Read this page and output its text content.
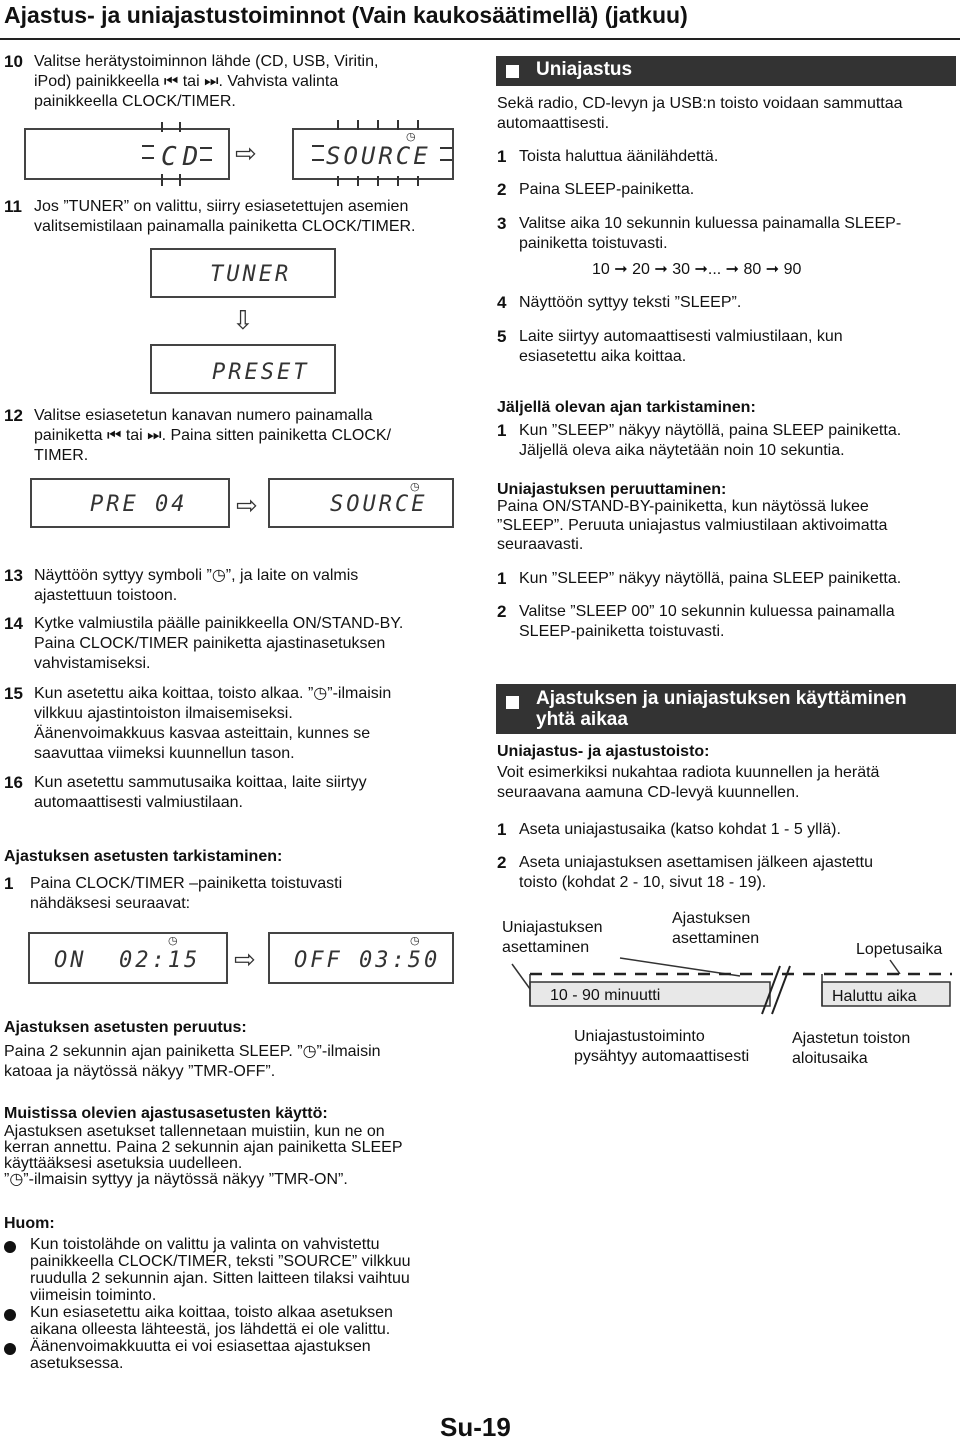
Ajastus- ja uniajastustoiminnot (Vain kaukosäätimellä) (jatkuu)
10 Valitse herätystoiminnon lähde (CD, USB, Viritin,
iPod) painikkeella ⏮ tai ⏭. Vahvista valinta
painikkeella CLOCK/TIMER.
CD ⇨	SOURCE
◷
11 Jos ”TUNER” on valittu, siirry esiasetettujen asemien
valitsemistilaan painamalla painiketta CLOCK/TIMER.
TUNER
⇩
PRESET
12 Valitse esiasetetun kanavan numero painamalla
painiketta ⏮ tai ⏭. Paina sitten painiketta CLOCK/
TIMER.
PRE 04 ⇨	SOURCE
◷
13 Näyttöön syttyy symboli ”◷”, ja laite on valmis
ajastettuun toistoon.
14 Kytke valmiustila päälle painikkeella ON/STAND-BY.
Paina CLOCK/TIMER painiketta ajastinasetuksen
vahvistamiseksi.
15 Kun asetettu aika koittaa, toisto alkaa. ”◷”-ilmaisin
vilkkuu ajastintoiston ilmaisemiseksi.
Äänenvoimakkuus kasvaa asteittain, kunnes se
saavuttaa viimeksi kuunnellun tason.
16 Kun asetettu sammutusaika koittaa, laite siirtyy
automaattisesti valmiustilaan.
Ajastuksen asetusten tarkistaminen:
1 Paina CLOCK/TIMER –painiketta toistuvasti
nähdäksesi seuraavat:
ON  02:15
◷
⇨ OFF 03:50
◷
Ajastuksen asetusten peruutus:
Paina 2 sekunnin ajan painiketta SLEEP. ”◷”-ilmaisin
katoaa ja näytössä näkyy ”TMR-OFF”.
Muistissa olevien ajastusasetusten käyttö:
Ajastuksen asetukset tallennetaan muistiin, kun ne on
kerran annettu. Paina 2 sekunnin ajan painiketta SLEEP
käyttääksesi asetuksia uudelleen.
”◷”-ilmaisin syttyy ja näytössä näkyy ”TMR-ON”.
Huom:
Kun toistolähde on valittu ja valinta on vahvistettu
painikkeella CLOCK/TIMER, teksti ”SOURCE” vilkkuu
ruudulla 2 sekunnin ajan. Sitten laitteen tilaksi vaihtuu
viimeisin toiminto.
Kun esiasetettu aika koittaa, toisto alkaa asetuksen
aikana olleesta lähteestä, jos lähdettä ei ole valittu.
Äänenvoimakkuutta ei voi esiasettaa ajastuksen
asetuksessa.
Uniajastus
Sekä radio, CD-levyn ja USB:n toisto voidaan sammuttaa
automaattisesti.
1 Toista haluttua äänilähdettä.
2 Paina SLEEP-painiketta.
3 Valitse aika 10 sekunnin kuluessa painamalla SLEEP-
painiketta toistuvasti.
10 ➞ 20 ➞ 30 ➞... ➞ 80 ➞ 90
4 Näyttöön syttyy teksti ”SLEEP”.
5 Laite siirtyy automaattisesti valmiustilaan, kun
esiasetettu aika koittaa.
Jäljellä olevan ajan tarkistaminen:
1 Kun ”SLEEP” näkyy näytöllä, paina SLEEP painiketta.
Jäljellä oleva aika näytetään noin 10 sekuntia.
Uniajastuksen peruuttaminen:
Paina ON/STAND-BY-painiketta, kun näytössä lukee
”SLEEP”. Peruuta uniajastus valmiustilaan aktivoimatta
seuraavasti.
1 Kun ”SLEEP” näkyy näytöllä, paina SLEEP painiketta.
2 Valitse ”SLEEP 00” 10 sekunnin kuluessa painamalla
SLEEP-painiketta toistuvasti.
Ajastuksen ja uniajastuksen käyttäminen
yhtä aikaa
Uniajastus- ja ajastustoisto:
Voit esimerkiksi nukahtaa radiota kuunnellen ja herätä
seuraavana aamuna CD-levyä kuunnellen.
1 Aseta uniajastusaika (katso kohdat 1 - 5 yllä).
2 Aseta uniajastuksen asettamisen jälkeen ajastettu
toisto (kohdat 2 - 10, sivut 18 - 19).
Uniajastuksen
asettaminen
Ajastuksen
asettaminen
Lopetusaika
10 - 90 minuutti	Haluttu aika
Uniajastustoiminto
pysähtyy automaattisesti
Ajastetun toiston
aloitusaika
Su-19
